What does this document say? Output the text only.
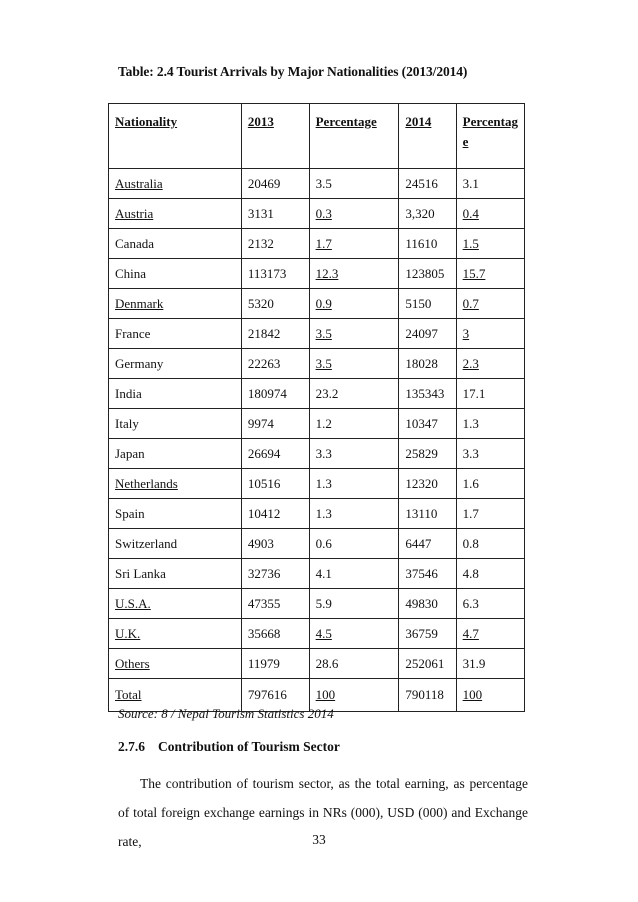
Table: 2.4 Tourist Arrivals by Major Nationalities (2013/2014)
Nationality	2013	Percentage	2014	Percentag e
Australia	20469	3.5	24516	3.1
Austria	3131	0.3	3,320	0.4
Canada	2132	1.7	11610	1.5
China	113173	12.3	123805	15.7
Denmark	5320	0.9	5150	0.7
France	21842	3.5	24097	3
Germany	22263	3.5	18028	2.3
India	180974	23.2	135343	17.1
Italy	9974	1.2	10347	1.3
Japan	26694	3.3	25829	3.3
Netherlands	10516	1.3	12320	1.6
Spain	10412	1.3	13110	1.7
Switzerland	4903	0.6	6447	0.8
Sri Lanka	32736	4.1	37546	4.8
U.S.A.	47355	5.9	49830	6.3
U.K.	35668	4.5	36759	4.7
Others	11979	28.6	252061	31.9
Total	797616	100	790118	100
Source: 8 / Nepal Tourism Statistics 2014
2.7.6 Contribution of Tourism Sector
The contribution of tourism sector, as the total earning, as percentage of total foreign exchange earnings in NRs (000), USD (000) and Exchange rate,	33
